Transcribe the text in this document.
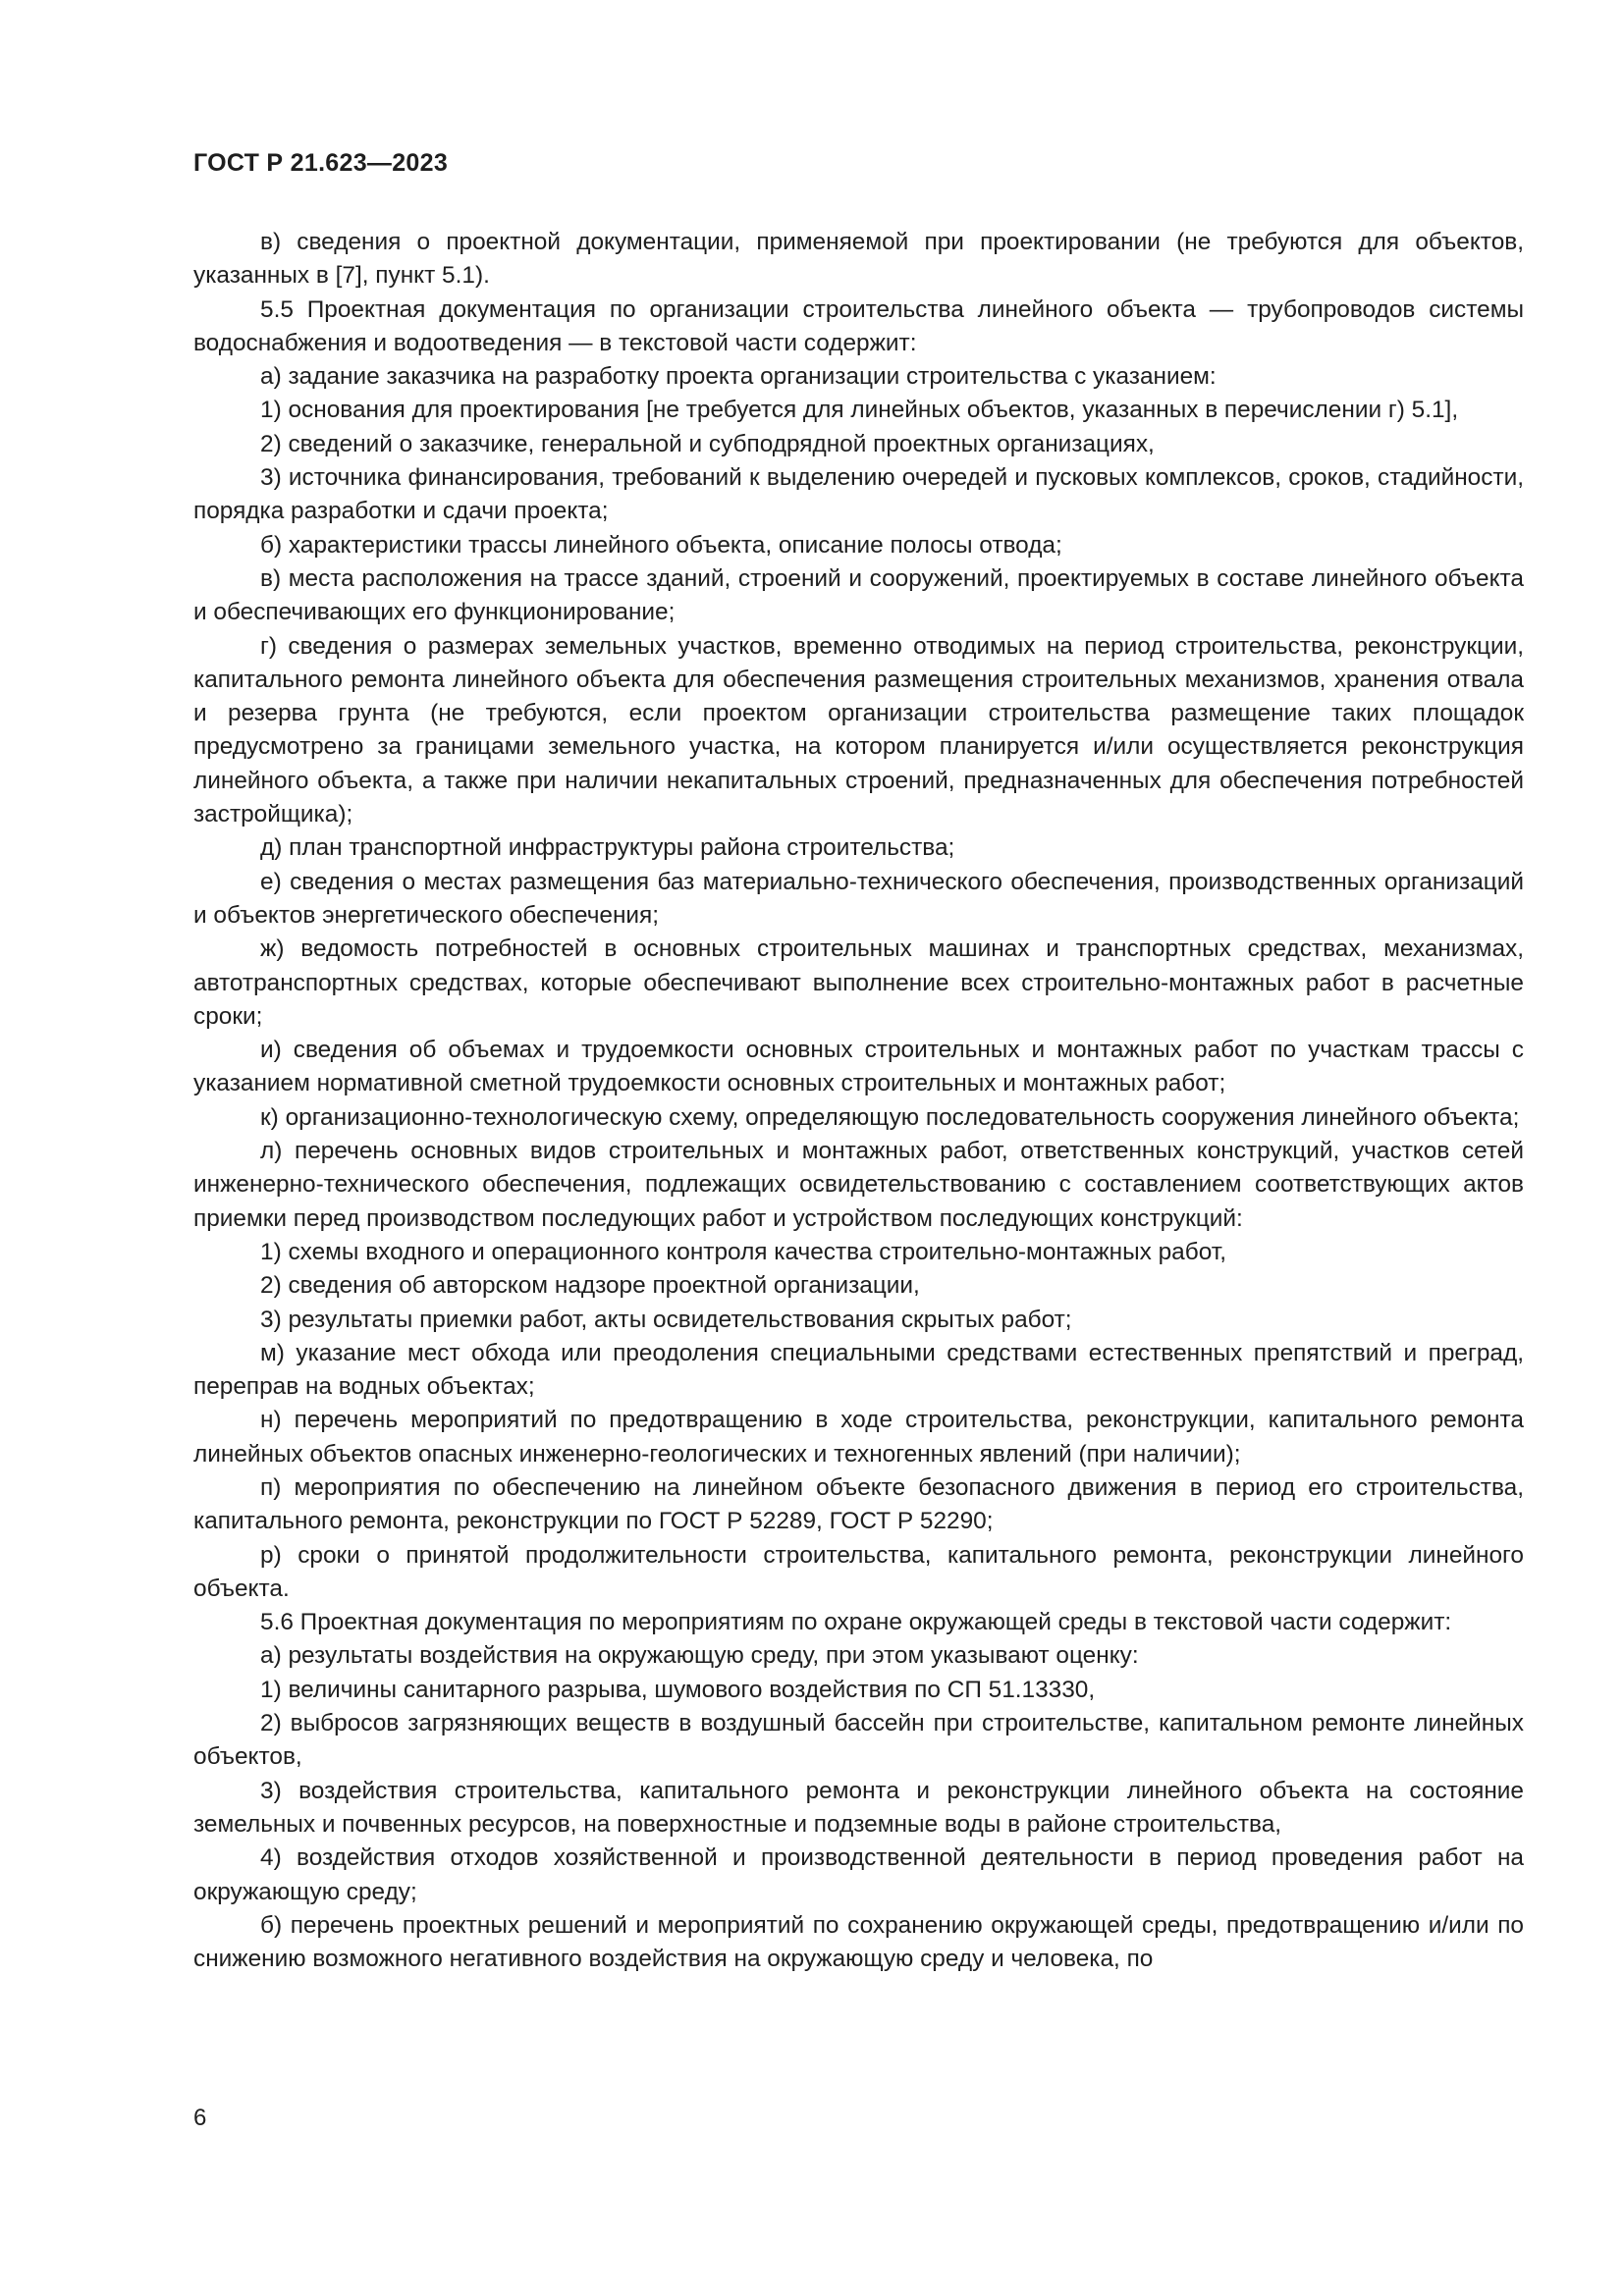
ГОСТ Р 21.623—2023

в) сведения о проектной документации, применяемой при проектировании (не требуются для объектов, указанных в [7], пункт 5.1).

5.5 Проектная документация по организации строительства линейного объекта — трубопроводов системы водоснабжения и водоотведения — в текстовой части содержит:

а) задание заказчика на разработку проекта организации строительства с указанием:

1) основания для проектирования [не требуется для линейных объектов, указанных в перечислении г) 5.1],

2) сведений о заказчике, генеральной и субподрядной проектных организациях,

3) источника финансирования, требований к выделению очередей и пусковых комплексов, сроков, стадийности, порядка разработки и сдачи проекта;

б) характеристики трассы линейного объекта, описание полосы отвода;

в) места расположения на трассе зданий, строений и сооружений, проектируемых в составе линейного объекта и обеспечивающих его функционирование;

г) сведения о размерах земельных участков, временно отводимых на период строительства, реконструкции, капитального ремонта линейного объекта для обеспечения размещения строительных механизмов, хранения отвала и резерва грунта (не требуются, если проектом организации строительства размещение таких площадок предусмотрено за границами земельного участка, на котором планируется и/или осуществляется реконструкция линейного объекта, а также при наличии некапитальных строений, предназначенных для обеспечения потребностей застройщика);

д) план транспортной инфраструктуры района строительства;

е) сведения о местах размещения баз материально-технического обеспечения, производственных организаций и объектов энергетического обеспечения;

ж) ведомость потребностей в основных строительных машинах и транспортных средствах, механизмах, автотранспортных средствах, которые обеспечивают выполнение всех строительно-монтажных работ в расчетные сроки;

и) сведения об объемах и трудоемкости основных строительных и монтажных работ по участкам трассы с указанием нормативной сметной трудоемкости основных строительных и монтажных работ;

к) организационно-технологическую схему, определяющую последовательность сооружения линейного объекта;

л) перечень основных видов строительных и монтажных работ, ответственных конструкций, участков сетей инженерно-технического обеспечения, подлежащих освидетельствованию с составлением соответствующих актов приемки перед производством последующих работ и устройством последующих конструкций:

1) схемы входного и операционного контроля качества строительно-монтажных работ,

2) сведения об авторском надзоре проектной организации,

3) результаты приемки работ, акты освидетельствования скрытых работ;

м) указание мест обхода или преодоления специальными средствами естественных препятствий и преград, переправ на водных объектах;

н) перечень мероприятий по предотвращению в ходе строительства, реконструкции, капитального ремонта линейных объектов опасных инженерно-геологических и техногенных явлений (при наличии);

п) мероприятия по обеспечению на линейном объекте безопасного движения в период его строительства, капитального ремонта, реконструкции по ГОСТ Р 52289, ГОСТ Р 52290;

р) сроки о принятой продолжительности строительства, капитального ремонта, реконструкции линейного объекта.

5.6 Проектная документация по мероприятиям по охране окружающей среды в текстовой части содержит:

а) результаты воздействия на окружающую среду, при этом указывают оценку:

1) величины санитарного разрыва, шумового воздействия по СП 51.13330,

2) выбросов загрязняющих веществ в воздушный бассейн при строительстве, капитальном ремонте линейных объектов,

3) воздействия строительства, капитального ремонта и реконструкции линейного объекта на состояние земельных и почвенных ресурсов, на поверхностные и подземные воды в районе строительства,

4) воздействия отходов хозяйственной и производственной деятельности в период проведения работ на окружающую среду;

б) перечень проектных решений и мероприятий по сохранению окружающей среды, предотвращению и/или по снижению возможного негативного воздействия на окружающую среду и человека, по

6
